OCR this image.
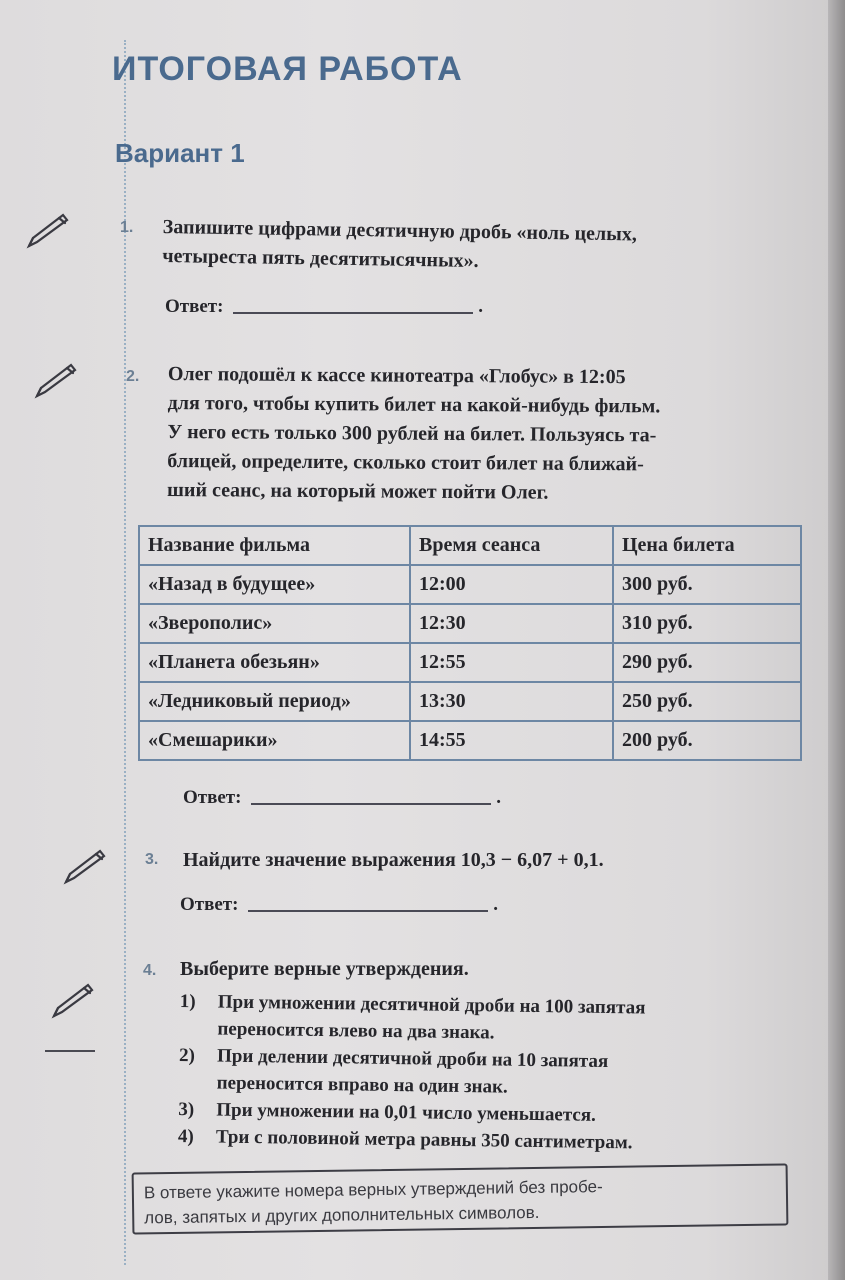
ИТОГОВАЯ РАБОТА
Вариант 1
1. Запишите цифрами десятичную дробь «ноль целых,
четыреста пять десятитысячных».
Ответ:	.
2. Олег подошёл к кассе кинотеатра «Глобус» в 12:05
для того, чтобы купить билет на какой-нибудь фильм.
У него есть только 300 рублей на билет. Пользуясь та-
блицей, определите, сколько стоит билет на ближай-
ший сеанс, на который может пойти Олег.
Название фильма	Время сеанса	Цена билета
«Назад в будущее»	12:00	300 руб.
«Зверополис»	12:30	310 руб.
«Планета обезьян»	12:55	290 руб.
«Ледниковый период»	13:30	250 руб.
«Смешарики»	14:55	200 руб.
Ответ:	.
3. Найдите значение выражения 10,3 − 6,07 + 0,1.
Ответ:	.
4. Выберите верные утверждения.
1)	При умножении десятичной дроби на 100 запятая
переносится влево на два знака.
2)	При делении десятичной дроби на 10 запятая
переносится вправо на один знак.
3)	При умножении на 0,01 число уменьшается.
4)	Три с половиной метра равны 350 сантиметрам.
В ответе укажите номера верных утверждений без пробе-
лов, запятых и других дополнительных символов.
